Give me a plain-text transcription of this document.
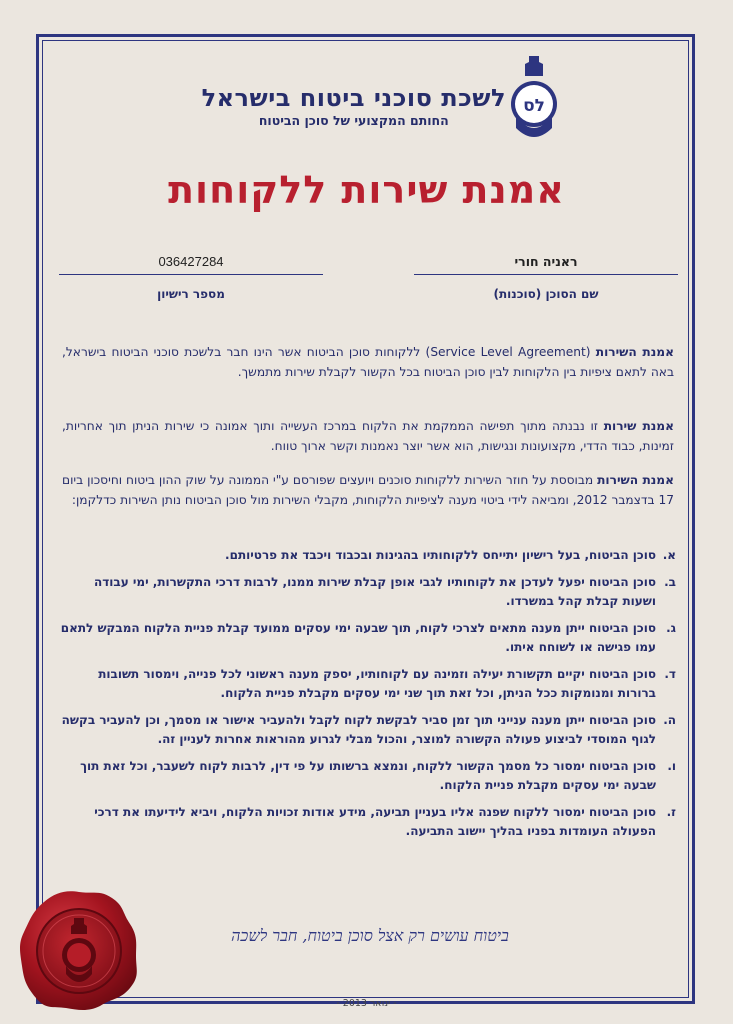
לשכת סוכני ביטוח בישראל
החותם המקצועי של סוכן הביטוח
לס
אמנת שירות ללקוחות
036427284
מספר רישיון
ראניה חורי
שם הסוכן (סוכנות)
אמנת השירות (Service Level Agreement) ללקוחות סוכן הביטוח אשר הינו חבר בלשכת סוכני הביטוח בישראל, באה לתאם ציפיות בין הלקוחות לבין סוכן הביטוח בכל הקשור לקבלת שירות מתמשך.
אמנת שירות זו נבנתה מתוך תפישה הממקמת את הלקוח במרכז העשייה ותוך אמונה כי שירות הניתן תוך אחריות, זמינות, כבוד הדדי, מקצועונות ונגישות, הוא אשר יוצר נאמנות וקשר ארוך טווח.
אמנת השירות מבוססת על חוזר השירות ללקוחות סוכנים ויועצים שפורסם ע"י הממונה על שוק ההון ביטוח וחיסכון ביום 17 בדצמבר 2012, ומביאה לידי ביטוי מענה לציפיות הלקוחות, מקבלי השירות מול סוכן הביטוח נותן השירות כדלקמן:
א.
סוכן הביטוח, בעל רישיון יתייחס ללקוחותיו בהגינות ובכבוד ויכבד את פרטיותם.
ב.
סוכן הביטוח יפעל לעדכן את לקוחותיו לגבי אופן קבלת שירות ממנו, לרבות דרכי התקשרות, ימי עבודה ושעות קבלת קהל במשרדו.
ג.
סוכן הביטוח ייתן מענה מתאים לצרכי לקוח, תוך שבעה ימי עסקים ממועד קבלת פניית הלקוח המבקש לתאם עמו פגישה או לשוחח איתו.
ד.
סוכן הביטוח יקיים תקשורת יעילה וזמינה עם לקוחותיו, יספק מענה ראשוני לכל פנייה, וימסור תשובות ברורות ומנומקות ככל הניתן, וכל זאת תוך שני ימי עסקים מקבלת פניית הלקוח.
ה.
סוכן הביטוח ייתן מענה ענייני תוך זמן סביר לבקשת לקוח לקבל ולהעביר אישור או מסמך, וכן להעביר בקשה לגוף המוסדי לביצוע פעולה הקשורה למוצר, והכול מבלי לגרוע מהוראות אחרות לעניין זה.
ו.
סוכן הביטוח ימסור כל מסמך הקשור ללקוח, ונמצא ברשותו על פי דין, לרבות לקוח לשעבר, וכל זאת תוך שבעה ימי עסקים מקבלת פניית הלקוח.
ז.
סוכן הביטוח ימסור ללקוח שפנה אליו בעניין תביעה, מידע אודות זכויות הלקוח, ויביא לידיעתו את דרכי הפעולה העומדות בפניו בהליך יישוב התביעה.
ביטוח עושים רק אצל סוכן ביטוח, חבר לשכה
- ינואר 2013 -
